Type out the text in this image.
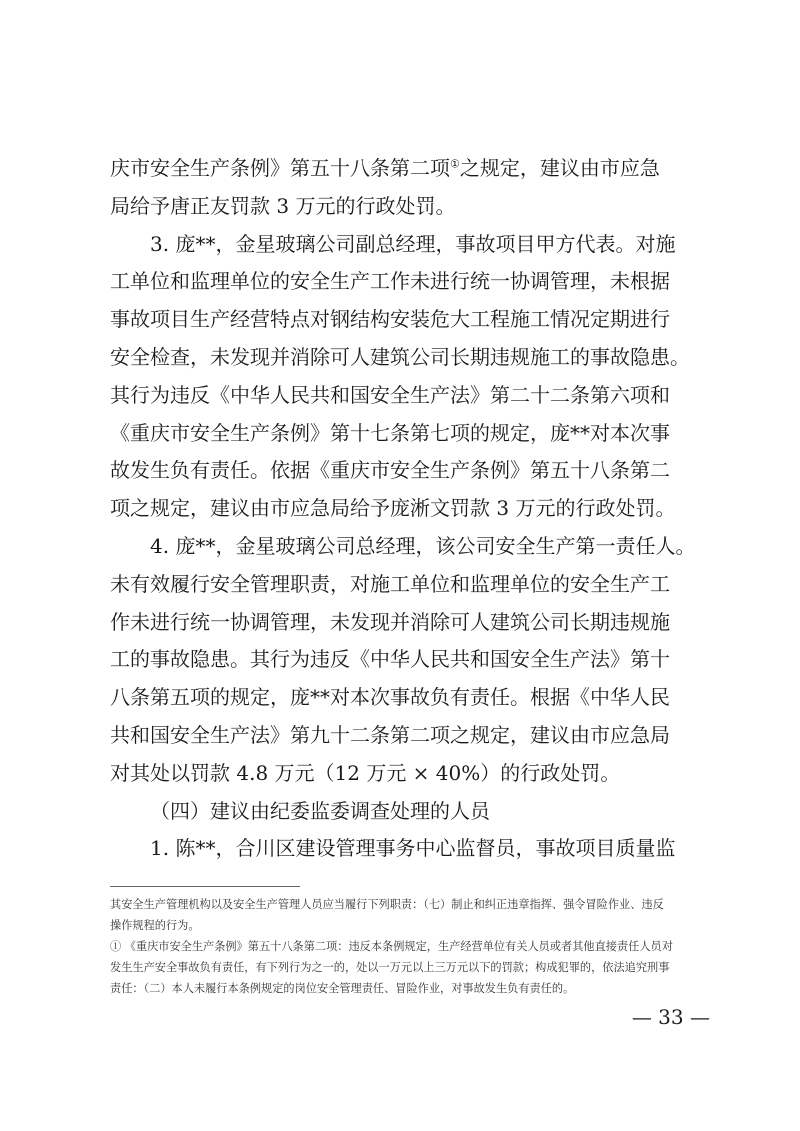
庆市安全生产条例》第五十八条第二项①之规定，建议由市应急
局给予唐正友罚款 3 万元的行政处罚。
3. 庞**，金星玻璃公司副总经理，事故项目甲方代表。对施
工单位和监理单位的安全生产工作未进行统一协调管理，未根据
事故项目生产经营特点对钢结构安装危大工程施工情况定期进行
安全检查，未发现并消除可人建筑公司长期违规施工的事故隐患。
其行为违反《中华人民共和国安全生产法》第二十二条第六项和
《重庆市安全生产条例》第十七条第七项的规定，庞**对本次事
故发生负有责任。依据《重庆市安全生产条例》第五十八条第二
项之规定，建议由市应急局给予庞淅文罚款 3 万元的行政处罚。
4. 庞**，金星玻璃公司总经理，该公司安全生产第一责任人。
未有效履行安全管理职责，对施工单位和监理单位的安全生产工
作未进行统一协调管理，未发现并消除可人建筑公司长期违规施
工的事故隐患。其行为违反《中华人民共和国安全生产法》第十
八条第五项的规定，庞**对本次事故负有责任。根据《中华人民
共和国安全生产法》第九十二条第二项之规定，建议由市应急局
对其处以罚款 4.8 万元（12 万元 × 40%）的行政处罚。
（四）建议由纪委监委调查处理的人员
1. 陈**，合川区建设管理事务中心监督员，事故项目质量监
其安全生产管理机构以及安全生产管理人员应当履行下列职责：（七）制止和纠正违章指挥、强令冒险作业、违反
操作规程的行为。
① 《重庆市安全生产条例》第五十八条第二项：违反本条例规定，生产经营单位有关人员或者其他直接责任人员对
发生生产安全事故负有责任，有下列行为之一的，处以一万元以上三万元以下的罚款；构成犯罪的，依法追究刑事
责任：（二）本人未履行本条例规定的岗位安全管理责任、冒险作业，对事故发生负有责任的。
— 33 —
